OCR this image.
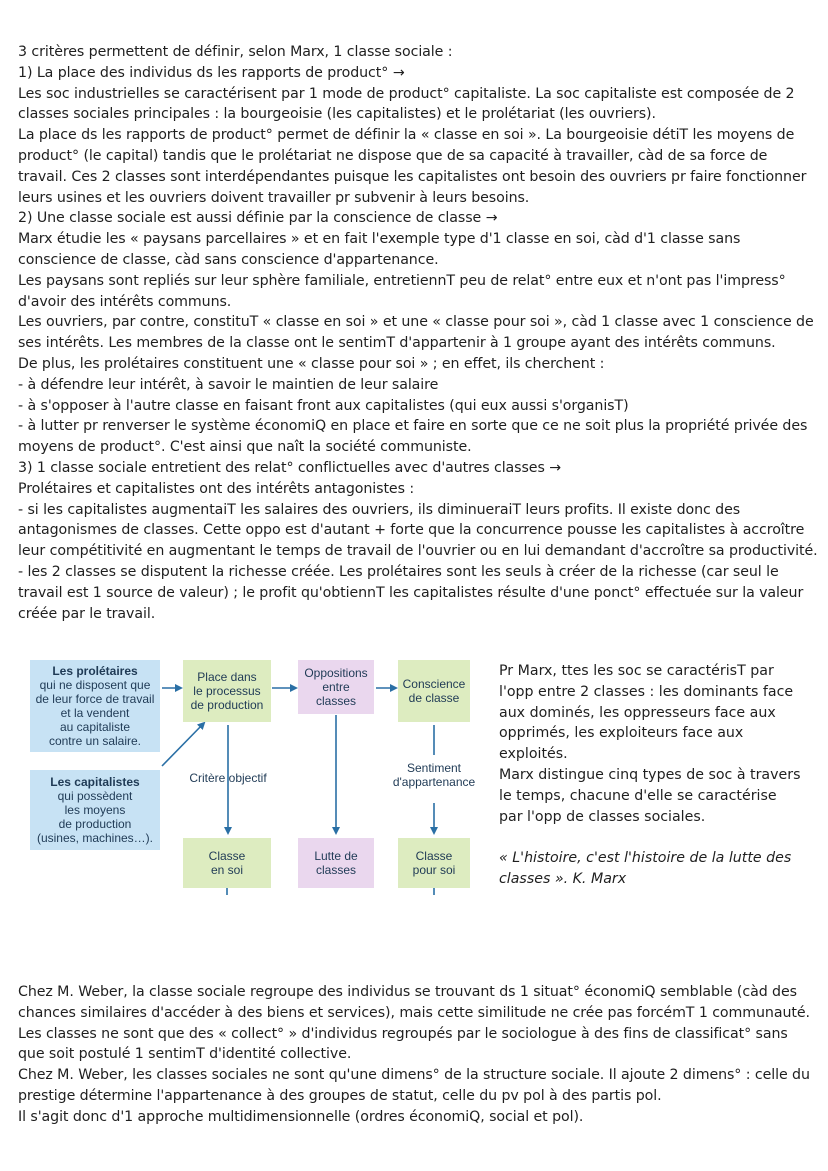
3 critères permettent de définir, selon Marx, 1 classe sociale :

1) La place des individus ds les rapports de product° →

Les soc industrielles se caractérisent par 1 mode de product° capitaliste. La soc capitaliste est composée de 2 classes sociales principales : la bourgeoisie (les capitalistes) et le prolétariat (les ouvriers).

La place ds les rapports de product° permet de définir la « classe en soi ». La bourgeoisie détiT les moyens de product° (le capital) tandis que le prolétariat ne dispose que de sa capacité à travailler, càd de sa force de travail. Ces 2 classes sont interdépendantes puisque les capitalistes ont besoin des ouvriers pr faire fonctionner leurs usines et les ouvriers doivent travailler pr subvenir à leurs besoins.

2) Une classe sociale est aussi définie par la conscience de classe →

Marx étudie les « paysans parcellaires » et en fait l'exemple type d'1 classe en soi, càd d'1 classe sans conscience de classe, càd sans conscience d'appartenance.

Les paysans sont repliés sur leur sphère familiale, entretiennT peu de relat° entre eux et n'ont pas l'impress° d'avoir des intérêts communs.

Les ouvriers, par contre, constituT « classe en soi » et une « classe pour soi », càd 1 classe avec 1 conscience de ses intérêts. Les membres de la classe ont le sentimT d'appartenir à 1 groupe ayant des intérêts communs.

De plus, les prolétaires constituent une « classe pour soi » ; en effet, ils cherchent :

- à défendre leur intérêt, à savoir le maintien de leur salaire

- à s'opposer à l'autre classe en faisant front aux capitalistes (qui eux aussi s'organisT)

- à lutter pr renverser le système économiQ en place et faire en sorte que ce ne soit plus la propriété privée des moyens de product°. C'est ainsi que naît la société communiste.

3) 1 classe sociale entretient des relat° conflictuelles avec d'autres classes →

Prolétaires et capitalistes ont des intérêts antagonistes :

- si les capitalistes augmentaiT les salaires des ouvriers, ils diminueraiT leurs profits. Il existe donc des antagonismes de classes. Cette oppo est d'autant + forte que la concurrence pousse les capitalistes à accroître leur compétitivité en augmentant le temps de travail de l'ouvrier ou en lui demandant d'accroître sa productivité.

- les 2 classes se disputent la richesse créée. Les prolétaires sont les seuls à créer de la richesse (car seul le travail est 1 source de valeur) ; le profit qu'obtiennT les capitalistes résulte d'une ponct° effectuée sur la valeur créée par le travail.

Les prolétaires
qui ne disposent que
de leur force de travail
et la vendent
au capitaliste
contre un salaire.
Les capitalistes
qui possèdent
les moyens
de production
(usines, machines…).
Place dans
le processus
de production
Oppositions
entre
classes
Conscience
de classe
Critère objectif
Sentiment
d'appartenance
Classe
en soi
Lutte de
classes
Classe
pour soi

Pr Marx, ttes les soc se caractérisT par l'opp entre 2 classes : les dominants face aux dominés, les oppresseurs face aux opprimés, les exploiteurs face aux exploités.

Marx distingue cinq types de soc à travers le temps, chacune d'elle se caractérise par l'opp de classes sociales.

« L'histoire, c'est l'histoire de la lutte des classes ». K. Marx

Chez M. Weber, la classe sociale regroupe des individus se trouvant ds 1 situat° économiQ semblable (càd des chances similaires d'accéder à des biens et services), mais cette similitude ne crée pas forcémT 1 communauté. Les classes ne sont que des « collect° » d'individus regroupés par le sociologue à des fins de classificat° sans que soit postulé 1 sentimT d'identité collective.

Chez M. Weber, les classes sociales ne sont qu'une dimens° de la structure sociale. Il ajoute 2 dimens° : celle du prestige détermine l'appartenance à des groupes de statut, celle du pv pol à des partis pol.

Il s'agit donc d'1 approche multidimensionnelle (ordres économiQ, social et pol).
